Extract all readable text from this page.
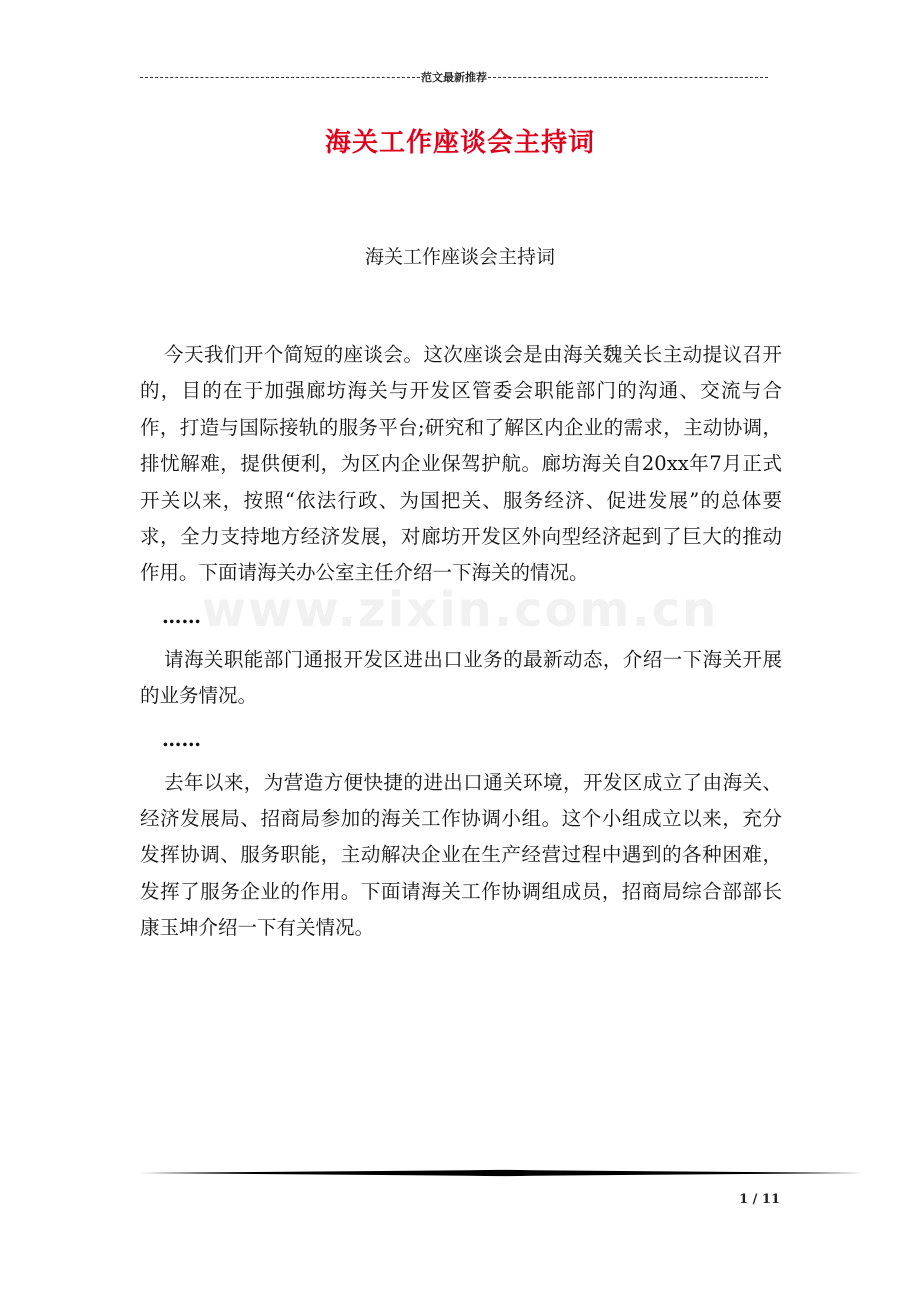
范文最新推荐
海关工作座谈会主持词
海关工作座谈会主持词
www.zixin.com.cn

今天我们开个简短的座谈会。这次座谈会是由海关魏关长主动提议召开的，目的在于加强廊坊海关与开发区管委会职能部门的沟通、交流与合作，打造与国际接轨的服务平台;研究和了解区内企业的需求，主动协调，排忧解难，提供便利，为区内企业保驾护航。廊坊海关自20xx年7月正式开关以来，按照“依法行政、为国把关、服务经济、促进发展”的总体要求，全力支持地方经济发展，对廊坊开发区外向型经济起到了巨大的推动作用。下面请海关办公室主任介绍一下海关的情况。

……

请海关职能部门通报开发区进出口业务的最新动态，介绍一下海关开展的业务情况。

……

去年以来，为营造方便快捷的进出口通关环境，开发区成立了由海关、经济发展局、招商局参加的海关工作协调小组。这个小组成立以来，充分发挥协调、服务职能，主动解决企业在生产经营过程中遇到的各种困难，发挥了服务企业的作用。下面请海关工作协调组成员，招商局综合部部长康玉坤介绍一下有关情况。

1 / 11
